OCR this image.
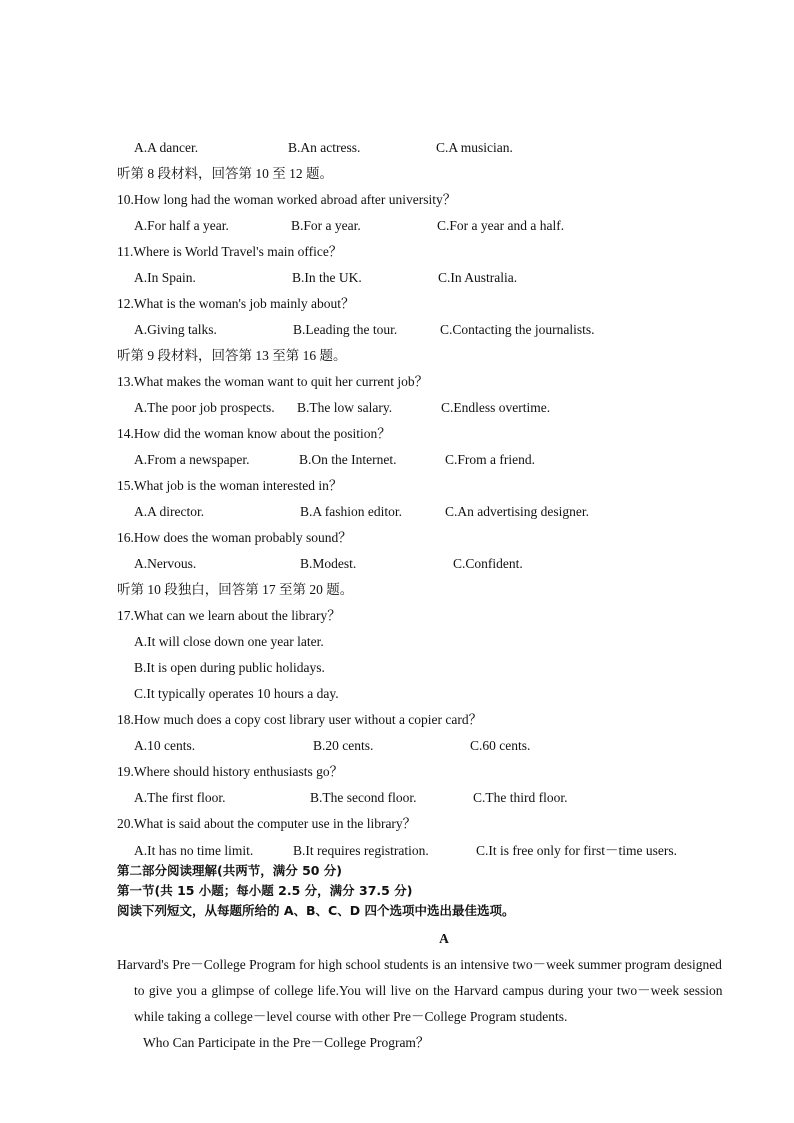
A.A dancer.	B.An actress.	C.A musician.
听第 8 段材料，回答第 10 至 12 题。
10.How long had the woman worked abroad after university？
A.For half a year.	B.For a year.	C.For a year and a half.
11.Where is World Travel's main office？
A.In Spain.	B.In the UK.	C.In Australia.
12.What is the woman's job mainly about？
A.Giving talks.	B.Leading the tour.	C.Contacting the journalists.
听第 9 段材料，回答第 13 至第 16 题。
13.What makes the woman want to quit her current job？
A.The poor job prospects. B.The low salary.	C.Endless overtime.
14.How did the woman know about the position？
A.From a newspaper.	B.On the Internet.	C.From a friend.
15.What job is the woman interested in？
A.A director.	B.A fashion editor.	C.An advertising designer.
16.How does the woman probably sound？
A.Nervous.	B.Modest.	C.Confident.
听第 10 段独白，回答第 17 至第 20 题。
17.What can we learn about the library？
A.It will close down one year later.
B.It is open during public holidays.
C.It typically operates 10 hours a day.
18.How much does a copy cost library user without a copier card？
A.10 cents.	B.20 cents.	C.60 cents.
19.Where should history enthusiasts go？
A.The first floor.	B.The second floor.	C.The third floor.
20.What is said about the computer use in the library？
A.It has no time limit.	B.It requires registration.	C.It is free only for first－time users.
第二部分阅读理解(共两节，满分 50 分)
第一节(共 15 小题；每小题 2.5 分，满分 37.5 分)
阅读下列短文，从每题所给的 A、B、C、D 四个选项中选出最佳选项。
A
Harvard's Pre－College Program for high school students is an intensive two－week summer program designed
to give you a glimpse of college life.You will live on the Harvard campus during your two－week session
while taking a college－level course with other Pre－College Program students.
Who Can Participate in the Pre－College Program？
